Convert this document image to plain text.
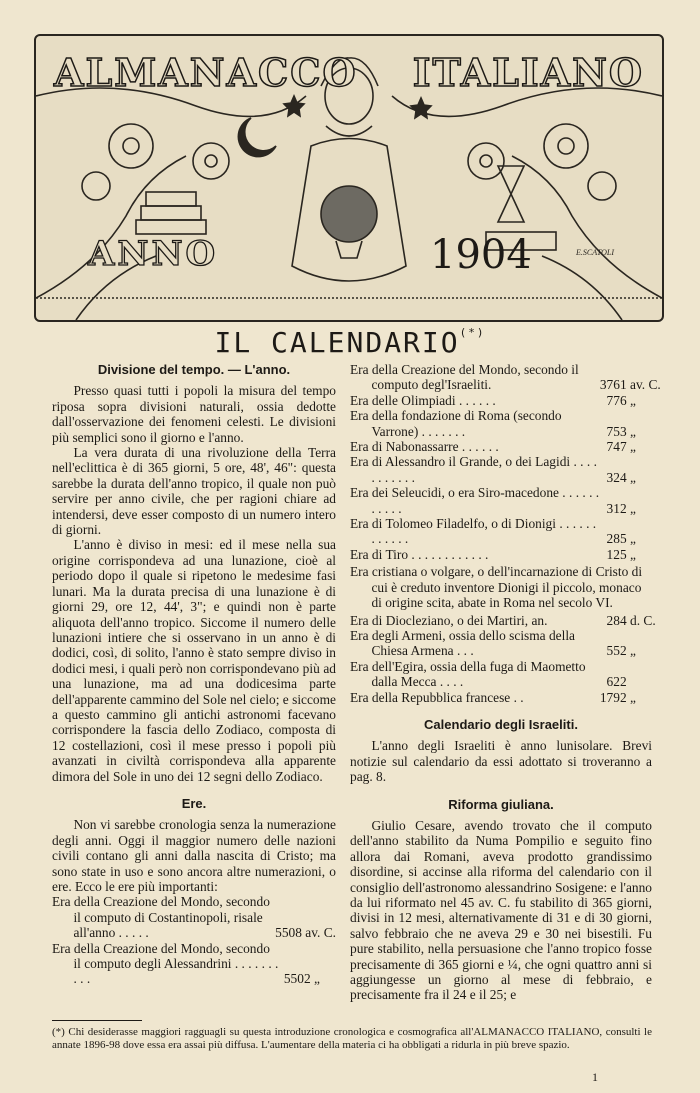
ALMANACCO ITALIANO
ANNO	1904	E.SCATOLI
IL CALENDARIO(*)
Divisione del tempo. — L'anno.

Presso quasi tutti i popoli la misura del tempo riposa sopra divisioni naturali, ossia dedotte dall'osservazione dei fenomeni celesti. Le divisioni più semplici sono il giorno e l'anno.

La vera durata di una rivoluzione della Terra nell'eclittica è di 365 giorni, 5 ore, 48', 46": questa sarebbe la durata dell'anno tropico, il quale non può servire per anno civile, che per ragioni chiare ad intendersi, deve esser composto di un numero intero di giorni.

L'anno è diviso in mesi: ed il mese nella sua origine corrispondeva ad una lunazione, cioè al periodo dopo il quale si ripetono le medesime fasi lunari. Ma la durata precisa di una lunazione è di giorni 29, ore 12, 44', 3"; e quindi non è parte aliquota dell'anno tropico. Siccome il numero delle lunazioni intiere che si osservano in un anno è di dodici, così, di solito, l'anno è stato sempre diviso in dodici mesi, i quali però non corrispondevano più ad una lunazione, ma ad una dodicesima parte dell'apparente cammino del Sole nel cielo; e siccome a questo cammino gli antichi astronomi facevano corrispondere la fascia dello Zodiaco, composta di 12 costellazioni, così il mese presso i popoli più avanzati in civiltà corrispondeva alla apparente dimora del Sole in uno dei 12 segni dello Zodiaco.

Ere.

Non vi sarebbe cronologia senza la numerazione degli anni. Oggi il maggior numero delle nazioni civili contano gli anni dalla nascita di Cristo; ma sono state in uso e sono ancora altre numerazioni, o ere. Ecco le ere più importanti:

Era della Creazione del Mondo, secondo il computo di Costantinopoli, risale all'anno . . . . .	5508 av. C.
Era della Creazione del Mondo, secondo il computo degli Alessandrini . . . . . . . . . .	5502 „
Era della Creazione del Mondo, secondo il computo degl'Israeliti.	3761 av. C.
Era delle Olimpiadi . . . . . .	776 „
Era della fondazione di Roma (secondo Varrone) . . . . . . .	753 „
Era di Nabonassarre . . . . . .	747 „
Era di Alessandro il Grande, o dei Lagidi . . . . . . . . . . .	324 „
Era dei Seleucidi, o era Siro-macedone . . . . . . . . . . .	312 „
Era di Tolomeo Filadelfo, o di Dionigi . . . . . . . . . . . .	285 „
Era di Tiro . . . . . . . . . . . .	125 „
Era cristiana o volgare, o dell'incarnazione di Cristo di cui è creduto inventore Dionigi il piccolo, monaco di origine scita, abate in Roma nel secolo VI.
Era di Diocleziano, o dei Martiri, an.	284 d. C.
Era degli Armeni, ossia dello scisma della Chiesa Armena . . .	552 „
Era dell'Egira, ossia della fuga di Maometto dalla Mecca . . . .	622
Era della Repubblica francese . .	1792 „
Calendario degli Israeliti.

L'anno degli Israeliti è anno lunisolare. Brevi notizie sul calendario da essi adottato si troveranno a pag. 8.

Riforma giuliana.

Giulio Cesare, avendo trovato che il computo dell'anno stabilito da Numa Pompilio e seguito fino allora dai Romani, aveva prodotto grandissimo disordine, si accinse alla riforma del calendario con il consiglio dell'astronomo alessandrino Sosigene: e l'anno da lui riformato nel 45 av. C. fu stabilito di 365 giorni, divisi in 12 mesi, alternativamente di 31 e di 30 giorni, salvo febbraio che ne aveva 29 e 30 nei bisestili. Fu pure stabilito, nella persuasione che l'anno tropico fosse precisamente di 365 giorni e ¼, che ogni quattro anni si aggiungesse un giorno al mese di febbraio, e precisamente fra il 24 e il 25; e

(*) Chi desiderasse maggiori ragguagli su questa introduzione cronologica e cosmografica all'ALMANACCO ITALIANO, consulti le annate 1896-98 dove essa era assai più diffusa. L'aumentare della materia ci ha obbligati a ridurla in più breve spazio.
1
